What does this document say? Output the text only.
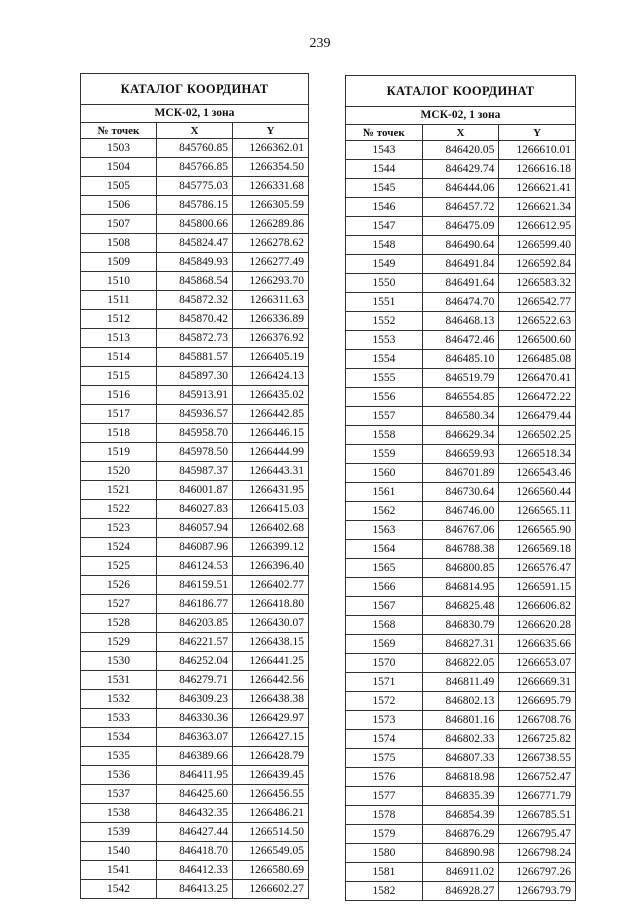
239
КАТАЛОГ КООРДИНАТ		
МСК-02, 1 зона		
№ точек	X	Y
1503	845760.85	1266362.01
1504	845766.85	1266354.50
1505	845775.03	1266331.68
1506	845786.15	1266305.59
1507	845800.66	1266289.86
1508	845824.47	1266278.62
1509	845849.93	1266277.49
1510	845868.54	1266293.70
1511	845872.32	1266311.63
1512	845870.42	1266336.89
1513	845872.73	1266376.92
1514	845881.57	1266405.19
1515	845897.30	1266424.13
1516	845913.91	1266435.02
1517	845936.57	1266442.85
1518	845958.70	1266446.15
1519	845978.50	1266444.99
1520	845987.37	1266443.31
1521	846001.87	1266431.95
1522	846027.83	1266415.03
1523	846057.94	1266402.68
1524	846087.96	1266399.12
1525	846124.53	1266396.40
1526	846159.51	1266402.77
1527	846186.77	1266418.80
1528	846203.85	1266430.07
1529	846221.57	1266438.15
1530	846252.04	1266441.25
1531	846279.71	1266442.56
1532	846309.23	1266438.38
1533	846330.36	1266429.97
1534	846363.07	1266427.15
1535	846389.66	1266428.79
1536	846411.95	1266439.45
1537	846425.60	1266456.55
1538	846432.35	1266486.21
1539	846427.44	1266514.50
1540	846418.70	1266549.05
1541	846412.33	1266580.69
1542	846413.25	1266602.27
КАТАЛОГ КООРДИНАТ		
МСК-02, 1 зона		
№ точек	X	Y
1543	846420.05	1266610.01
1544	846429.74	1266616.18
1545	846444.06	1266621.41
1546	846457.72	1266621.34
1547	846475.09	1266612.95
1548	846490.64	1266599.40
1549	846491.84	1266592.84
1550	846491.64	1266583.32
1551	846474.70	1266542.77
1552	846468.13	1266522.63
1553	846472.46	1266500.60
1554	846485.10	1266485.08
1555	846519.79	1266470.41
1556	846554.85	1266472.22
1557	846580.34	1266479.44
1558	846629.34	1266502.25
1559	846659.93	1266518.34
1560	846701.89	1266543.46
1561	846730.64	1266560.44
1562	846746.00	1266565.11
1563	846767.06	1266565.90
1564	846788.38	1266569.18
1565	846800.85	1266576.47
1566	846814.95	1266591.15
1567	846825.48	1266606.82
1568	846830.79	1266620.28
1569	846827.31	1266635.66
1570	846822.05	1266653.07
1571	846811.49	1266669.31
1572	846802.13	1266695.79
1573	846801.16	1266708.76
1574	846802.33	1266725.82
1575	846807.33	1266738.55
1576	846818.98	1266752.47
1577	846835.39	1266771.79
1578	846854.39	1266785.51
1579	846876.29	1266795.47
1580	846890.98	1266798.24
1581	846911.02	1266797.26
1582	846928.27	1266793.79
